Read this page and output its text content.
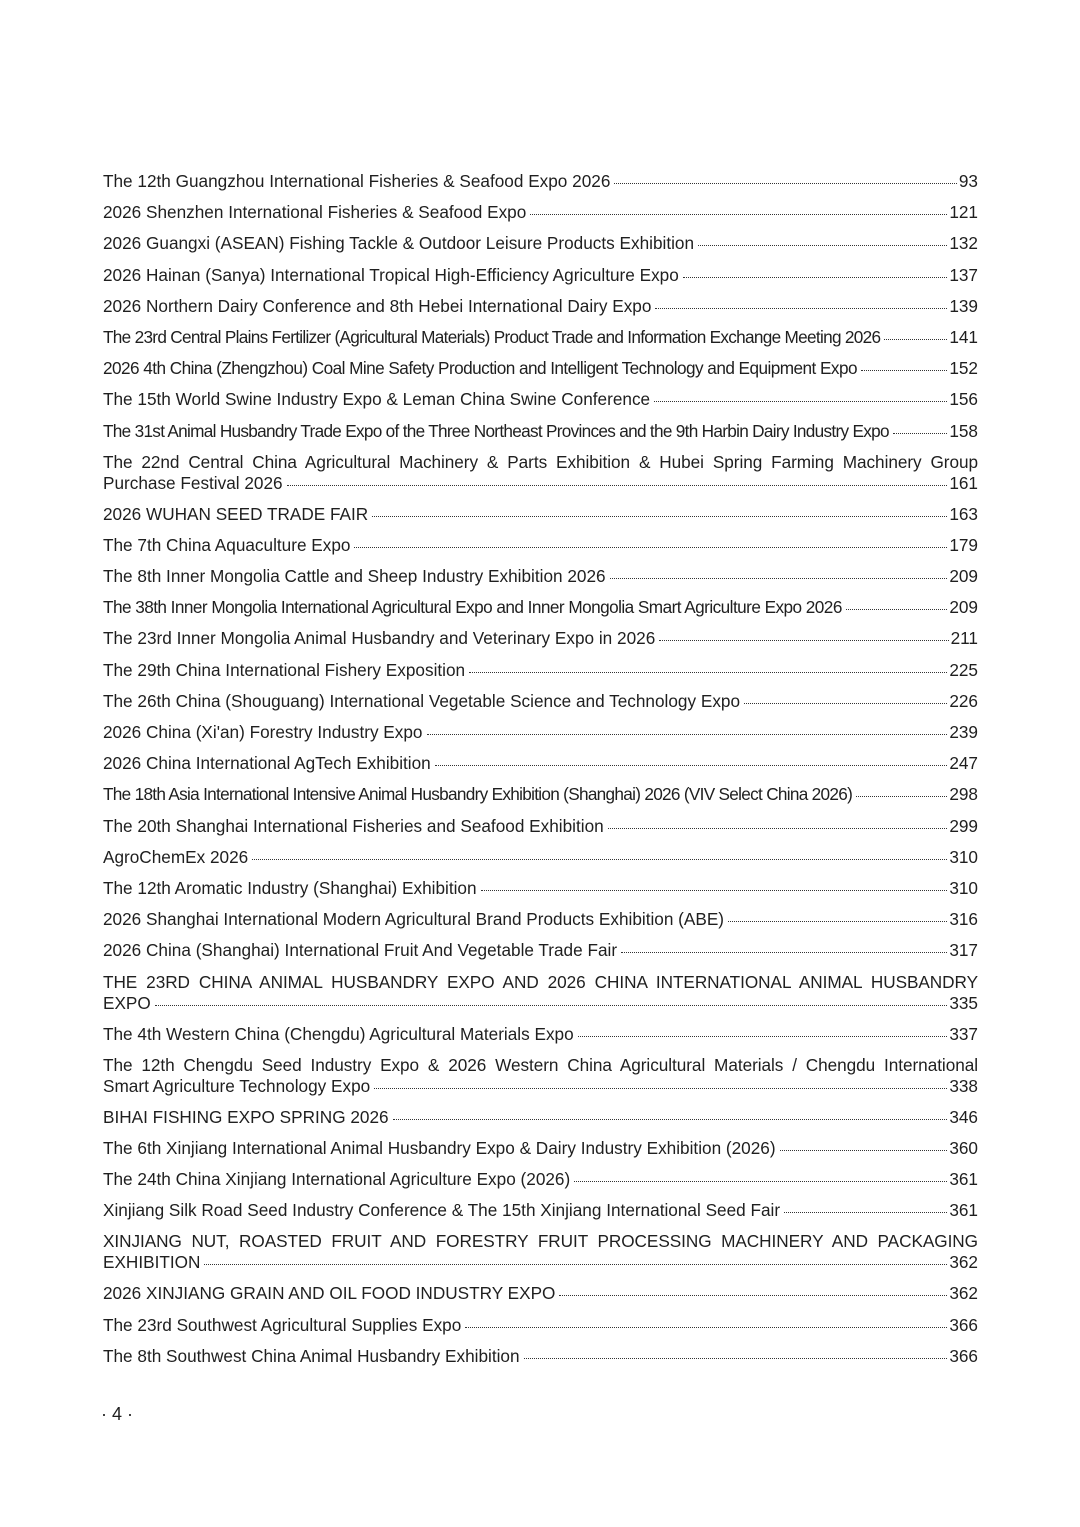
The 12th Guangzhou International Fisheries & Seafood Expo 2026	93
2026 Shenzhen International Fisheries & Seafood Expo	121
2026 Guangxi (ASEAN) Fishing Tackle & Outdoor Leisure Products Exhibition	132
2026 Hainan (Sanya) International Tropical High-Efficiency Agriculture Expo	137
2026 Northern Dairy Conference and 8th Hebei International Dairy Expo	139
The 23rd Central Plains Fertilizer (Agricultural Materials) Product Trade and Information Exchange Meeting 2026	141
2026 4th China (Zhengzhou) Coal Mine Safety Production and Intelligent Technology and Equipment Expo	152
The 15th World Swine Industry Expo & Leman China Swine Conference	156
The 31st Animal Husbandry Trade Expo of the Three Northeast Provinces and the 9th Harbin Dairy Industry Expo	158
The 22nd Central China Agricultural Machinery & Parts Exhibition & Hubei Spring Farming Machinery Group
Purchase Festival 2026	161
2026 WUHAN SEED TRADE FAIR	163
The 7th China Aquaculture Expo	179
The 8th Inner Mongolia Cattle and Sheep Industry Exhibition 2026	209
The 38th Inner Mongolia International Agricultural Expo and Inner Mongolia Smart Agriculture Expo 2026	209
The 23rd Inner Mongolia Animal Husbandry and Veterinary Expo in 2026	211
The 29th China International Fishery Exposition	225
The 26th China (Shouguang) International Vegetable Science and Technology Expo	226
2026 China (Xi'an) Forestry Industry Expo	239
2026 China International AgTech Exhibition	247
The 18th Asia International Intensive Animal Husbandry Exhibition (Shanghai) 2026 (VIV Select China 2026)	298
The 20th Shanghai International Fisheries and Seafood Exhibition	299
AgroChemEx 2026	310
The 12th Aromatic Industry (Shanghai) Exhibition	310
2026 Shanghai International Modern Agricultural Brand Products Exhibition (ABE)	316
2026 China (Shanghai) International Fruit And Vegetable Trade Fair	317
THE 23RD CHINA ANIMAL HUSBANDRY EXPO AND 2026 CHINA INTERNATIONAL ANIMAL HUSBANDRY
EXPO	335
The 4th Western China (Chengdu) Agricultural Materials Expo	337
The 12th Chengdu Seed Industry Expo & 2026 Western China Agricultural Materials / Chengdu International
Smart Agriculture Technology Expo	338
BIHAI FISHING EXPO SPRING 2026	346
The 6th Xinjiang International Animal Husbandry Expo & Dairy Industry Exhibition (2026)	360
The 24th China Xinjiang International Agriculture Expo (2026)	361
Xinjiang Silk Road Seed Industry Conference & The 15th Xinjiang International Seed Fair	361
XINJIANG NUT, ROASTED FRUIT AND FORESTRY FRUIT PROCESSING MACHINERY AND PACKAGING
EXHIBITION	362
2026 XINJIANG GRAIN AND OIL FOOD INDUSTRY EXPO	362
The 23rd Southwest Agricultural Supplies Expo	366
The 8th Southwest China Animal Husbandry Exhibition	366
· 4 ·
